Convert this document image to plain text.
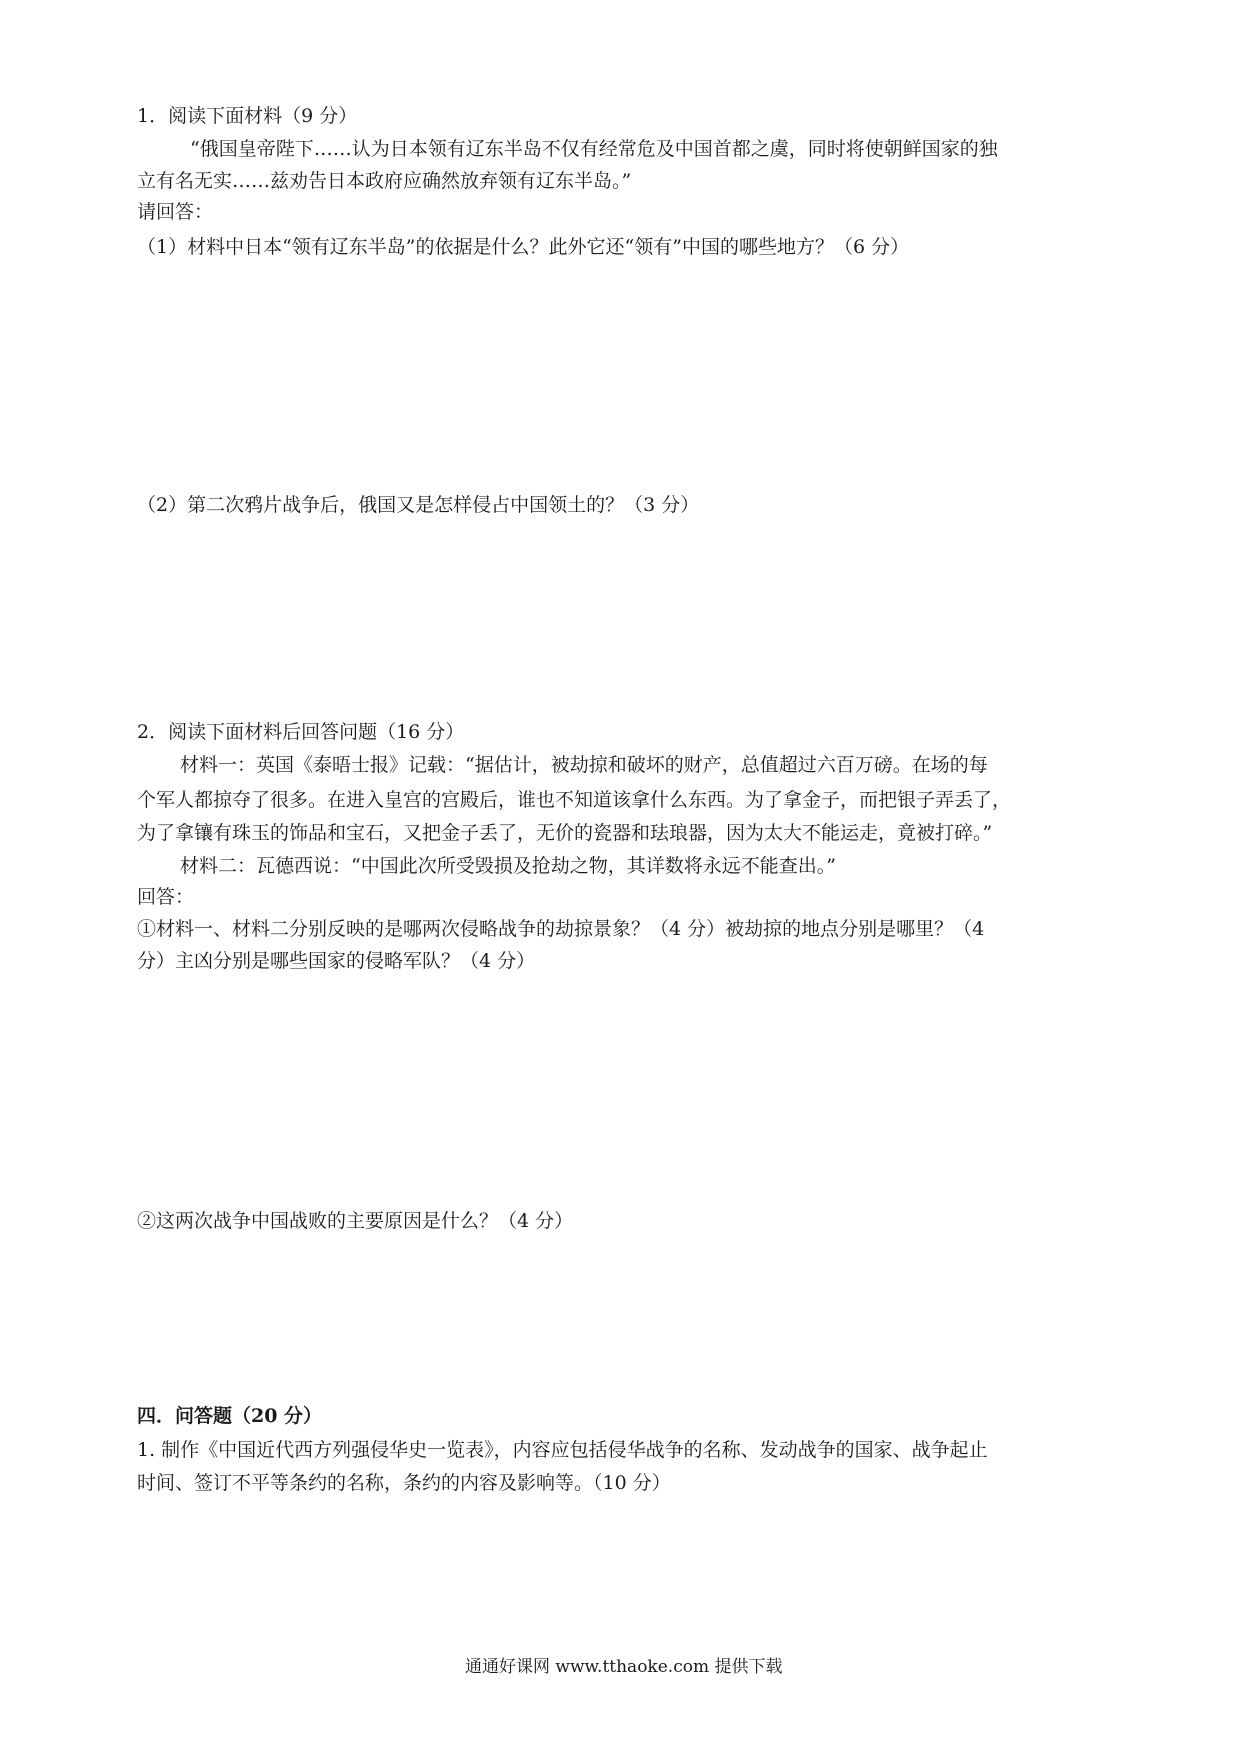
1．阅读下面材料（9 分）
“俄国皇帝陛下……认为日本领有辽东半岛不仅有经常危及中国首都之虞，同时将使朝鲜国家的独
立有名无实……兹劝告日本政府应确然放弃领有辽东半岛。”
请回答：
（1）材料中日本“领有辽东半岛”的依据是什么？此外它还“领有”中国的哪些地方？（6 分）
（2）第二次鸦片战争后，俄国又是怎样侵占中国领土的？（3 分）
2．阅读下面材料后回答问题（16 分）
材料一：英国《泰晤士报》记载：“据估计，被劫掠和破坏的财产，总值超过六百万磅。在场的每
个军人都掠夺了很多。在进入皇宫的宫殿后，谁也不知道该拿什么东西。为了拿金子，而把银子弄丢了，
为了拿镶有珠玉的饰品和宝石，又把金子丢了，无价的瓷器和珐琅器，因为太大不能运走，竟被打碎。”
材料二：瓦德西说：“中国此次所受毁损及抢劫之物，其详数将永远不能查出。”
回答：
①材料一、材料二分别反映的是哪两次侵略战争的劫掠景象？（4 分）被劫掠的地点分别是哪里？（4
分）主凶分别是哪些国家的侵略军队？（4 分）
②这两次战争中国战败的主要原因是什么？（4 分）
四．问答题（20 分）
1. 制作《中国近代西方列强侵华史一览表》，内容应包括侵华战争的名称、发动战争的国家、战争起止
时间、签订不平等条约的名称，条约的内容及影响等。（10 分）
通通好课网 www.tthaoke.com 提供下载
